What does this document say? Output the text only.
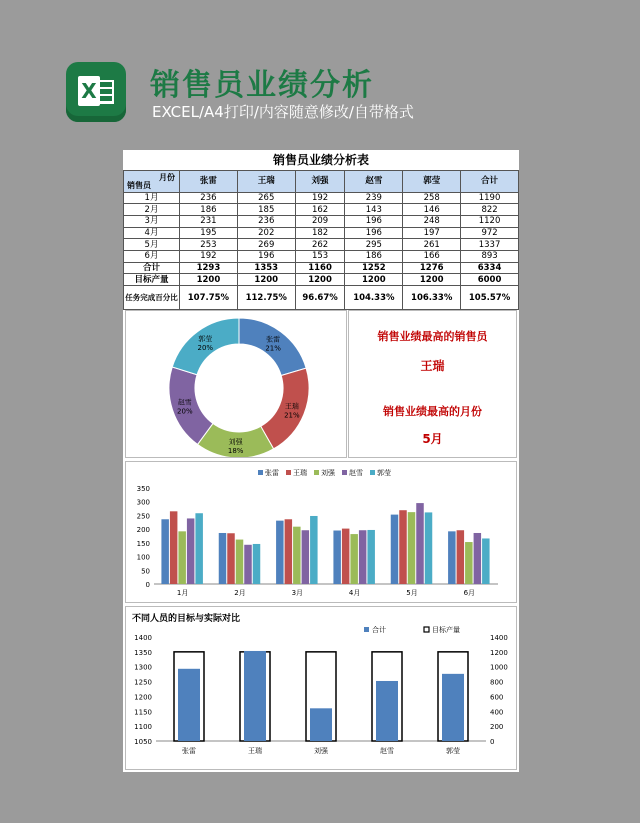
X 销售员业绩分析
EXCEL/A4打印/内容随意修改/自带格式
销售员业绩分析表						

月份
销售员	张雷	王瑞	刘强	赵雪	郭莹	合计
1月	236	265	192	239	258	1190
2月	186	185	162	143	146	822
3月	231	236	209	196	248	1120
4月	195	202	182	196	197	972
5月	253	269	262	295	261	1337
6月	192	196	153	186	166	893
合计	1293	1353	1160	1252	1276	6334
目标产量	1200	1200	1200	1200	1200	6000
任务完成百分比	107.75%	112.75%	96.67%	104.33%	106.33%	105.57%
张雷
21%
王瑞
21%
刘强
18%
赵雪
20%
郭莹
20%
销售业绩最高的销售员
王瑞
销售业绩最高的月份
5月
0
50
100
150
200
250
300
350
张雷 王瑞 刘强 赵雪 郭莹
1月	2月	3月	4月	5月	6月
不同人员的目标与实际对比
合计	目标产量
1050
1100
1150
1200
1250
1300
1350
1400
0
200
400
600
800
1000
1200
1400
张雷	王瑞	刘强	赵雪	郭莹
